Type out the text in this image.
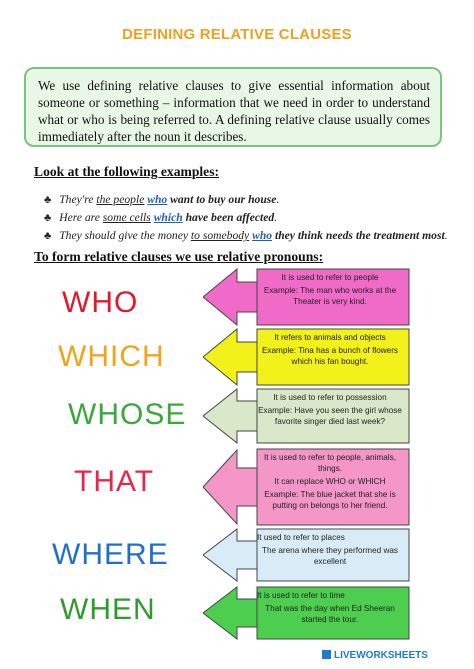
DEFINING RELATIVE CLAUSES
We use defining relative clauses to give essential information about someone or something – information that we need in order to understand what or who is being referred to. A defining relative clause usually comes immediately after the noun it describes.
Look at the following examples:
♣ They're the people who want to buy our house.
♣ Here are some cells which have been affected.
♣ They should give the money to somebody who they think needs the treatment most.
To form relative clauses we use relative pronouns:
WHO
WHICH
WHOSE
THAT
WHERE
WHEN
It is used to refer to people
Example: The man who works at the Theater is very kind.
It refers to animals and objects
Example: Tina has a bunch of flowers which his fan bought.
It is used to refer to possession
Example: Have you seen the girl whose favorite singer died last week?
It is used to refer to people, animals, things.
It can replace WHO or WHICH
Example: The blue jacket that she is putting on belongs to her friend.
It used to refer to places
The arena where they performed was excellent
It is used to refer to time
That was the day when Ed Sheeran started the tour.
LIVEWORKSHEETS
